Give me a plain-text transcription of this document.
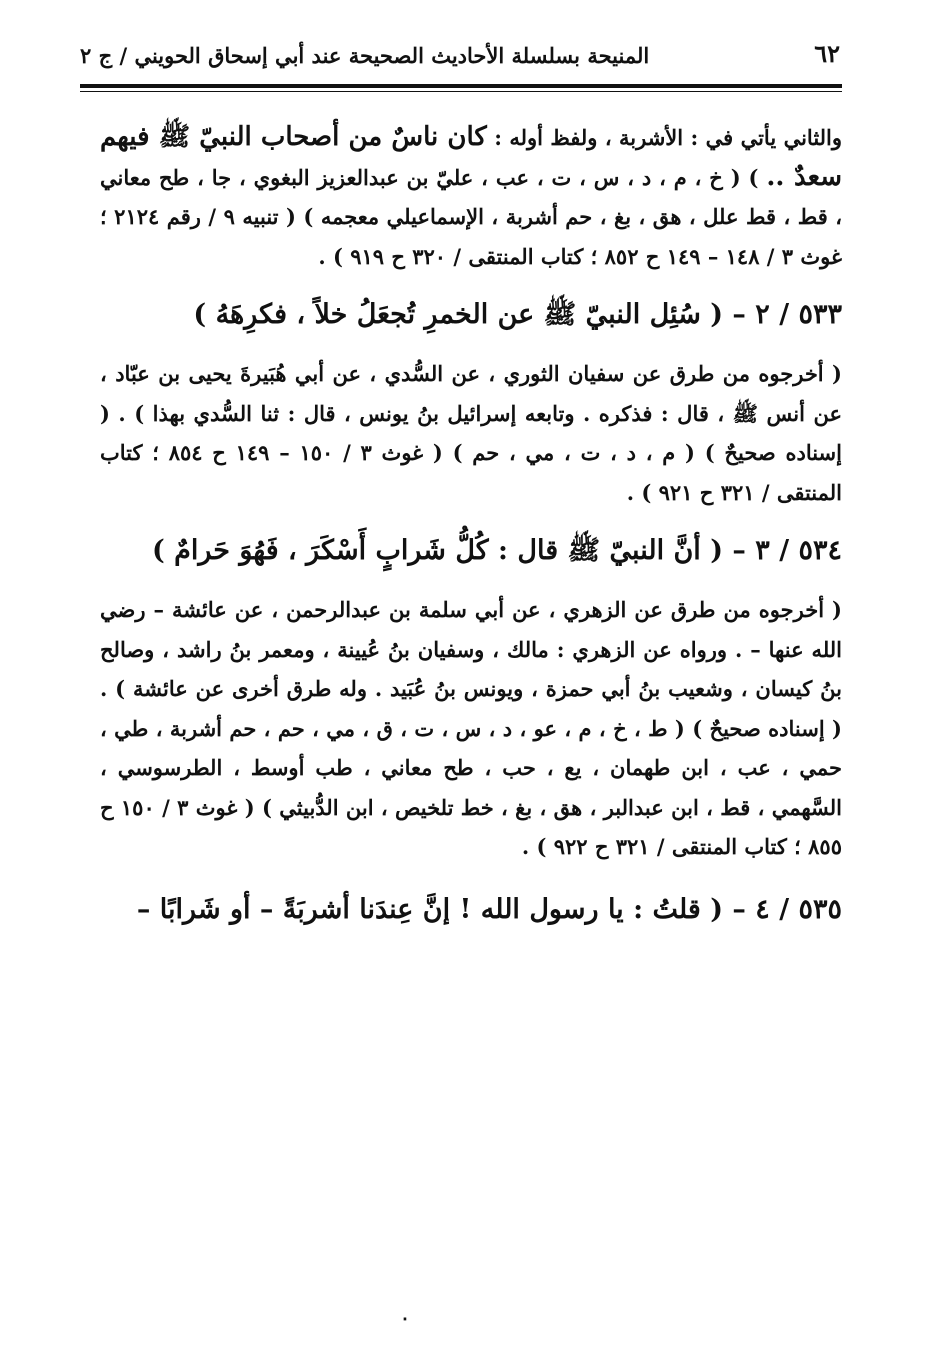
٦٢
المنيحة بسلسلة الأحاديث الصحيحة عند أبي إسحاق الحويني / ج ٢

والثاني يأتي في : الأشربة ، ولفظ أوله : كان ناسٌ من أصحاب النبيّ ﷺ فيهم سعدٌ .. ) ( خ ، م ، د ، س ، ت ، عب ، عليّ بن عبدالعزيز البغوي ، جا ، طح معاني ، قط ، قط علل ، هق ، بغ ، حم أشربة ، الإسماعيلي معجمه ) ( تنبيه ٩ / رقم ٢١٢٤ ؛ غوث ٣ / ١٤٨ – ١٤٩ ح ٨٥٢ ؛ كتاب المنتقى / ٣٢٠ ح ٩١٩ ) .

٥٣٣ / ٢ – ( سُئِل النبيّ ﷺ عن الخمرِ تُجعَلُ خلاً ، فكرِهَهُ )

( أخرجوه من طرق عن سفيان الثوري ، عن السُّدي ، عن أبي هُبَيرةَ يحيى بن عبّاد ، عن أنس ﷺ ، قال : فذكره . وتابعه إسرائيل بنُ يونس ، قال : ثنا السُّدي بهذا ) . ( إسناده صحيحٌ ) ( م ، د ، ت ، مي ، حم ) ( غوث ٣ / ١٥٠ – ١٤٩ ح ٨٥٤ ؛ كتاب المنتقى / ٣٢١ ح ٩٢١ ) .

٥٣٤ / ٣ – ( أنَّ النبيّ ﷺ قال : كُلُّ شَرابٍ أَسْكَرَ ، فَهُوَ حَرامٌ )

( أخرجوه من طرق عن الزهري ، عن أبي سلمة بن عبدالرحمن ، عن عائشة – رضي الله عنها – . ورواه عن الزهري : مالك ، وسفيان بنُ عُيينة ، ومعمر بنُ راشد ، وصالح بنُ كيسان ، وشعيب بنُ أبي حمزة ، ويونس بنُ عُبَيد . وله طرق أخرى عن عائشة ) . ( إسناده صحيحٌ ) ( ط ، خ ، م ، عو ، د ، س ، ت ، ق ، مي ، حم ، حم أشربة ، طي ، حمي ، عب ، ابن طهمان ، يع ، حب ، طح معاني ، طب أوسط ، الطرسوسي ، السَّهمي ، قط ، ابن عبدالبر ، هق ، بغ ، خط تلخيص ، ابن الدُّبيثي ) ( غوث ٣ / ١٥٠ ح ٨٥٥ ؛ كتاب المنتقى / ٣٢١ ح ٩٢٢ ) .

٥٣٥ / ٤ – ( قلتُ : يا رسول الله ! إنَّ عِندَنا أشربَةً – أو شَرابًا –

٠
